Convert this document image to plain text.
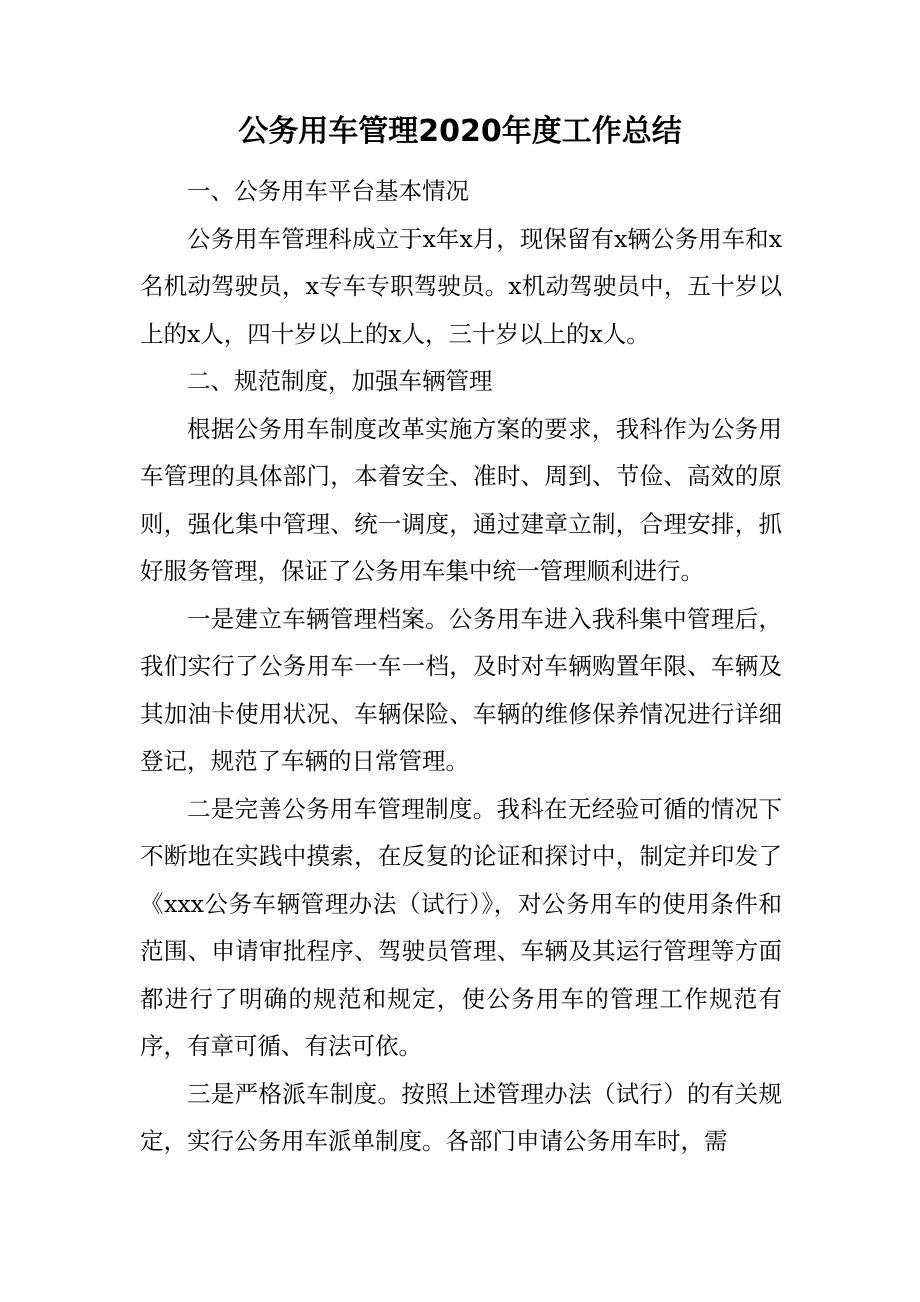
公务用车管理2020年度工作总结

一、公务用车平台基本情况

公务用车管理科成立于x年x月，现保留有x辆公务用车和x名机动驾驶员，x专车专职驾驶员。x机动驾驶员中，五十岁以上的x人，四十岁以上的x人，三十岁以上的x人。

二、规范制度，加强车辆管理

根据公务用车制度改革实施方案的要求，我科作为公务用车管理的具体部门，本着安全、准时、周到、节俭、高效的原则，强化集中管理、统一调度，通过建章立制，合理安排，抓好服务管理，保证了公务用车集中统一管理顺利进行。

一是建立车辆管理档案。公务用车进入我科集中管理后，我们实行了公务用车一车一档，及时对车辆购置年限、车辆及其加油卡使用状况、车辆保险、车辆的维修保养情况进行详细登记，规范了车辆的日常管理。

二是完善公务用车管理制度。我科在无经验可循的情况下不断地在实践中摸索，在反复的论证和探讨中，制定并印发了《xxx公务车辆管理办法（试行）》，对公务用车的使用条件和范围、申请审批程序、驾驶员管理、车辆及其运行管理等方面都进行了明确的规范和规定，使公务用车的管理工作规范有序，有章可循、有法可依。

三是严格派车制度。按照上述管理办法（试行）的有关规定，实行公务用车派单制度。各部门申请公务用车时，需
